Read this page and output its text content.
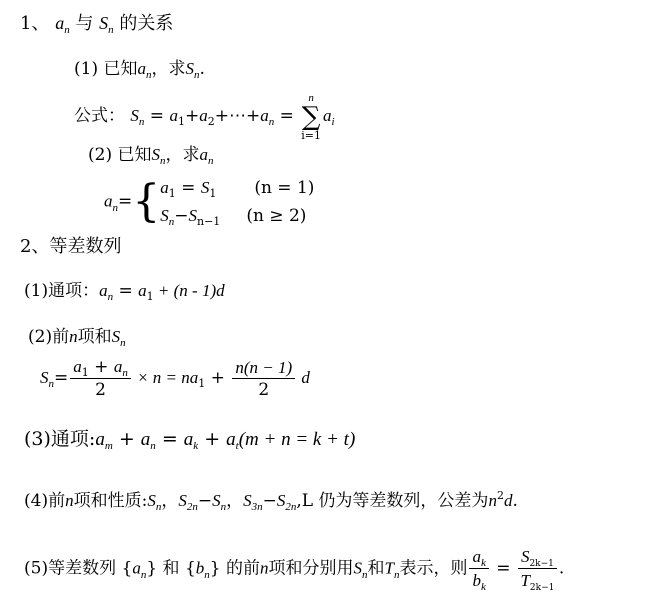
1、 $a_n$ 与 $S_n$ 的关系
(1) 已知$a_n$，求$S_n$.
公式： $S_n$ = $a_1+a_2+\cdots+a_n = n$
∑
$i=1a_i$
(2) 已知$S_n$，求$a_n$
$a_n=${ $a_1 = S_1$ (n = 1)
$S_n-S_{n-1}$ (n ≥ 2)
2、等差数列
(1)通项：$a_n = a_1 + (n - 1)d$
(2)前n项和$S_n$
$S_n= \frac{a_1 + a_n}{2} \times n = na_1 + \frac{n(n - 1)}{2}$ d
(3)通项$:a_m + a_n = a_k + a_t(m + n = k + t)$
(4)前n项和性质$:S_n$，$S_{2n}-S_n$，$S_{3n}-S_{2n},L$ 仍为等差数列，公差为$n^2d$.
(5)等差数列 $\{a_n\}$ 和 $\{b_n\}$ 的前n项和分别用$S_n$和$T_n$表示，则 $\frac{a_k}{b_k} = \frac{S_{2k-1}}{T_{2k-1}}$ .
